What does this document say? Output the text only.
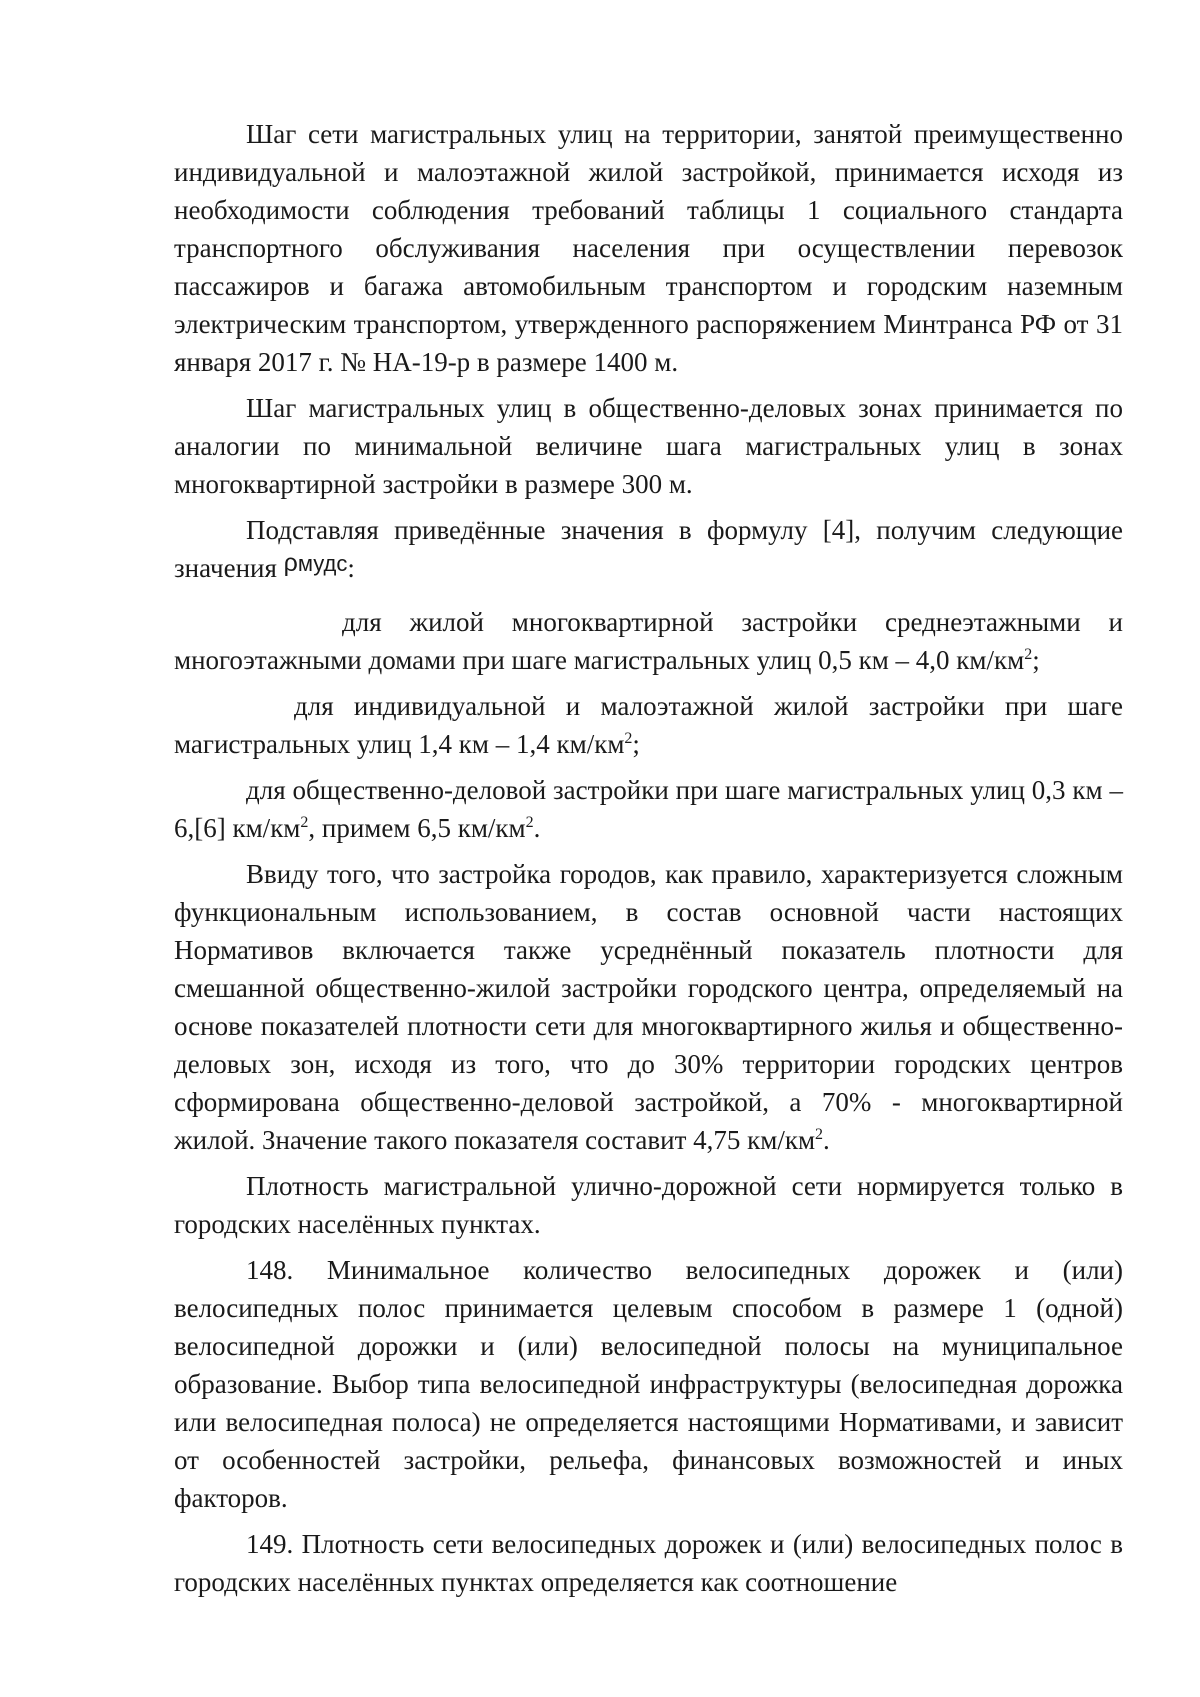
Шаг сети магистральных улиц на территории, занятой преимущественно индивидуальной и малоэтажной жилой застройкой, принимается исходя из необходимости соблюдения требований таблицы 1 социального стандарта транспортного обслуживания населения при осуществлении перевозок пассажиров и багажа автомобильным транспортом и городским наземным электрическим транспортом, утвержденного распоряжением Минтранса РФ от 31 января 2017 г. № НА-19-р в размере 1400 м.

Шаг магистральных улиц в общественно-деловых зонах принимается по аналогии по минимальной величине шага магистральных улиц в зонах многоквартирной застройки в размере 300 м.

Подставляя приведённые значения в формулу [4], получим следующие значения $\rho^{мудс}$:

для жилой многоквартирной застройки среднеэтажными и многоэтажными домами при шаге магистральных улиц 0,5 км – 4,0 $км/км^2$;

для индивидуальной и малоэтажной жилой застройки при шаге магистральных улиц 1,4 км – 1,4 $км/км^2$;

для общественно-деловой застройки при шаге магистральных улиц 0,3 км – 6,[6] $км/км^2$, примем 6,5 $км/км^2$.

Ввиду того, что застройка городов, как правило, характеризуется сложным функциональным использованием, в состав основной части настоящих Нормативов включается также усреднённый показатель плотности для смешанной общественно-жилой застройки городского центра, определяемый на основе показателей плотности сети для многоквартирного жилья и общественно-деловых зон, исходя из того, что до 30% территории городских центров сформирована общественно-деловой застройкой, а 70% - многоквартирной жилой. Значение такого показателя составит 4,75 $км/км^2$.

Плотность магистральной улично-дорожной сети нормируется только в городских населённых пунктах.

148. Минимальное количество велосипедных дорожек и (или) велосипедных полос принимается целевым способом в размере 1 (одной) велосипедной дорожки и (или) велосипедной полосы на муниципальное образование. Выбор типа велосипедной инфраструктуры (велосипедная дорожка или велосипедная полоса) не определяется настоящими Нормативами, и зависит от особенностей застройки, рельефа, финансовых возможностей и иных факторов.

149. Плотность сети велосипедных дорожек и (или) велосипедных полос в городских населённых пунктах определяется как соотношение
